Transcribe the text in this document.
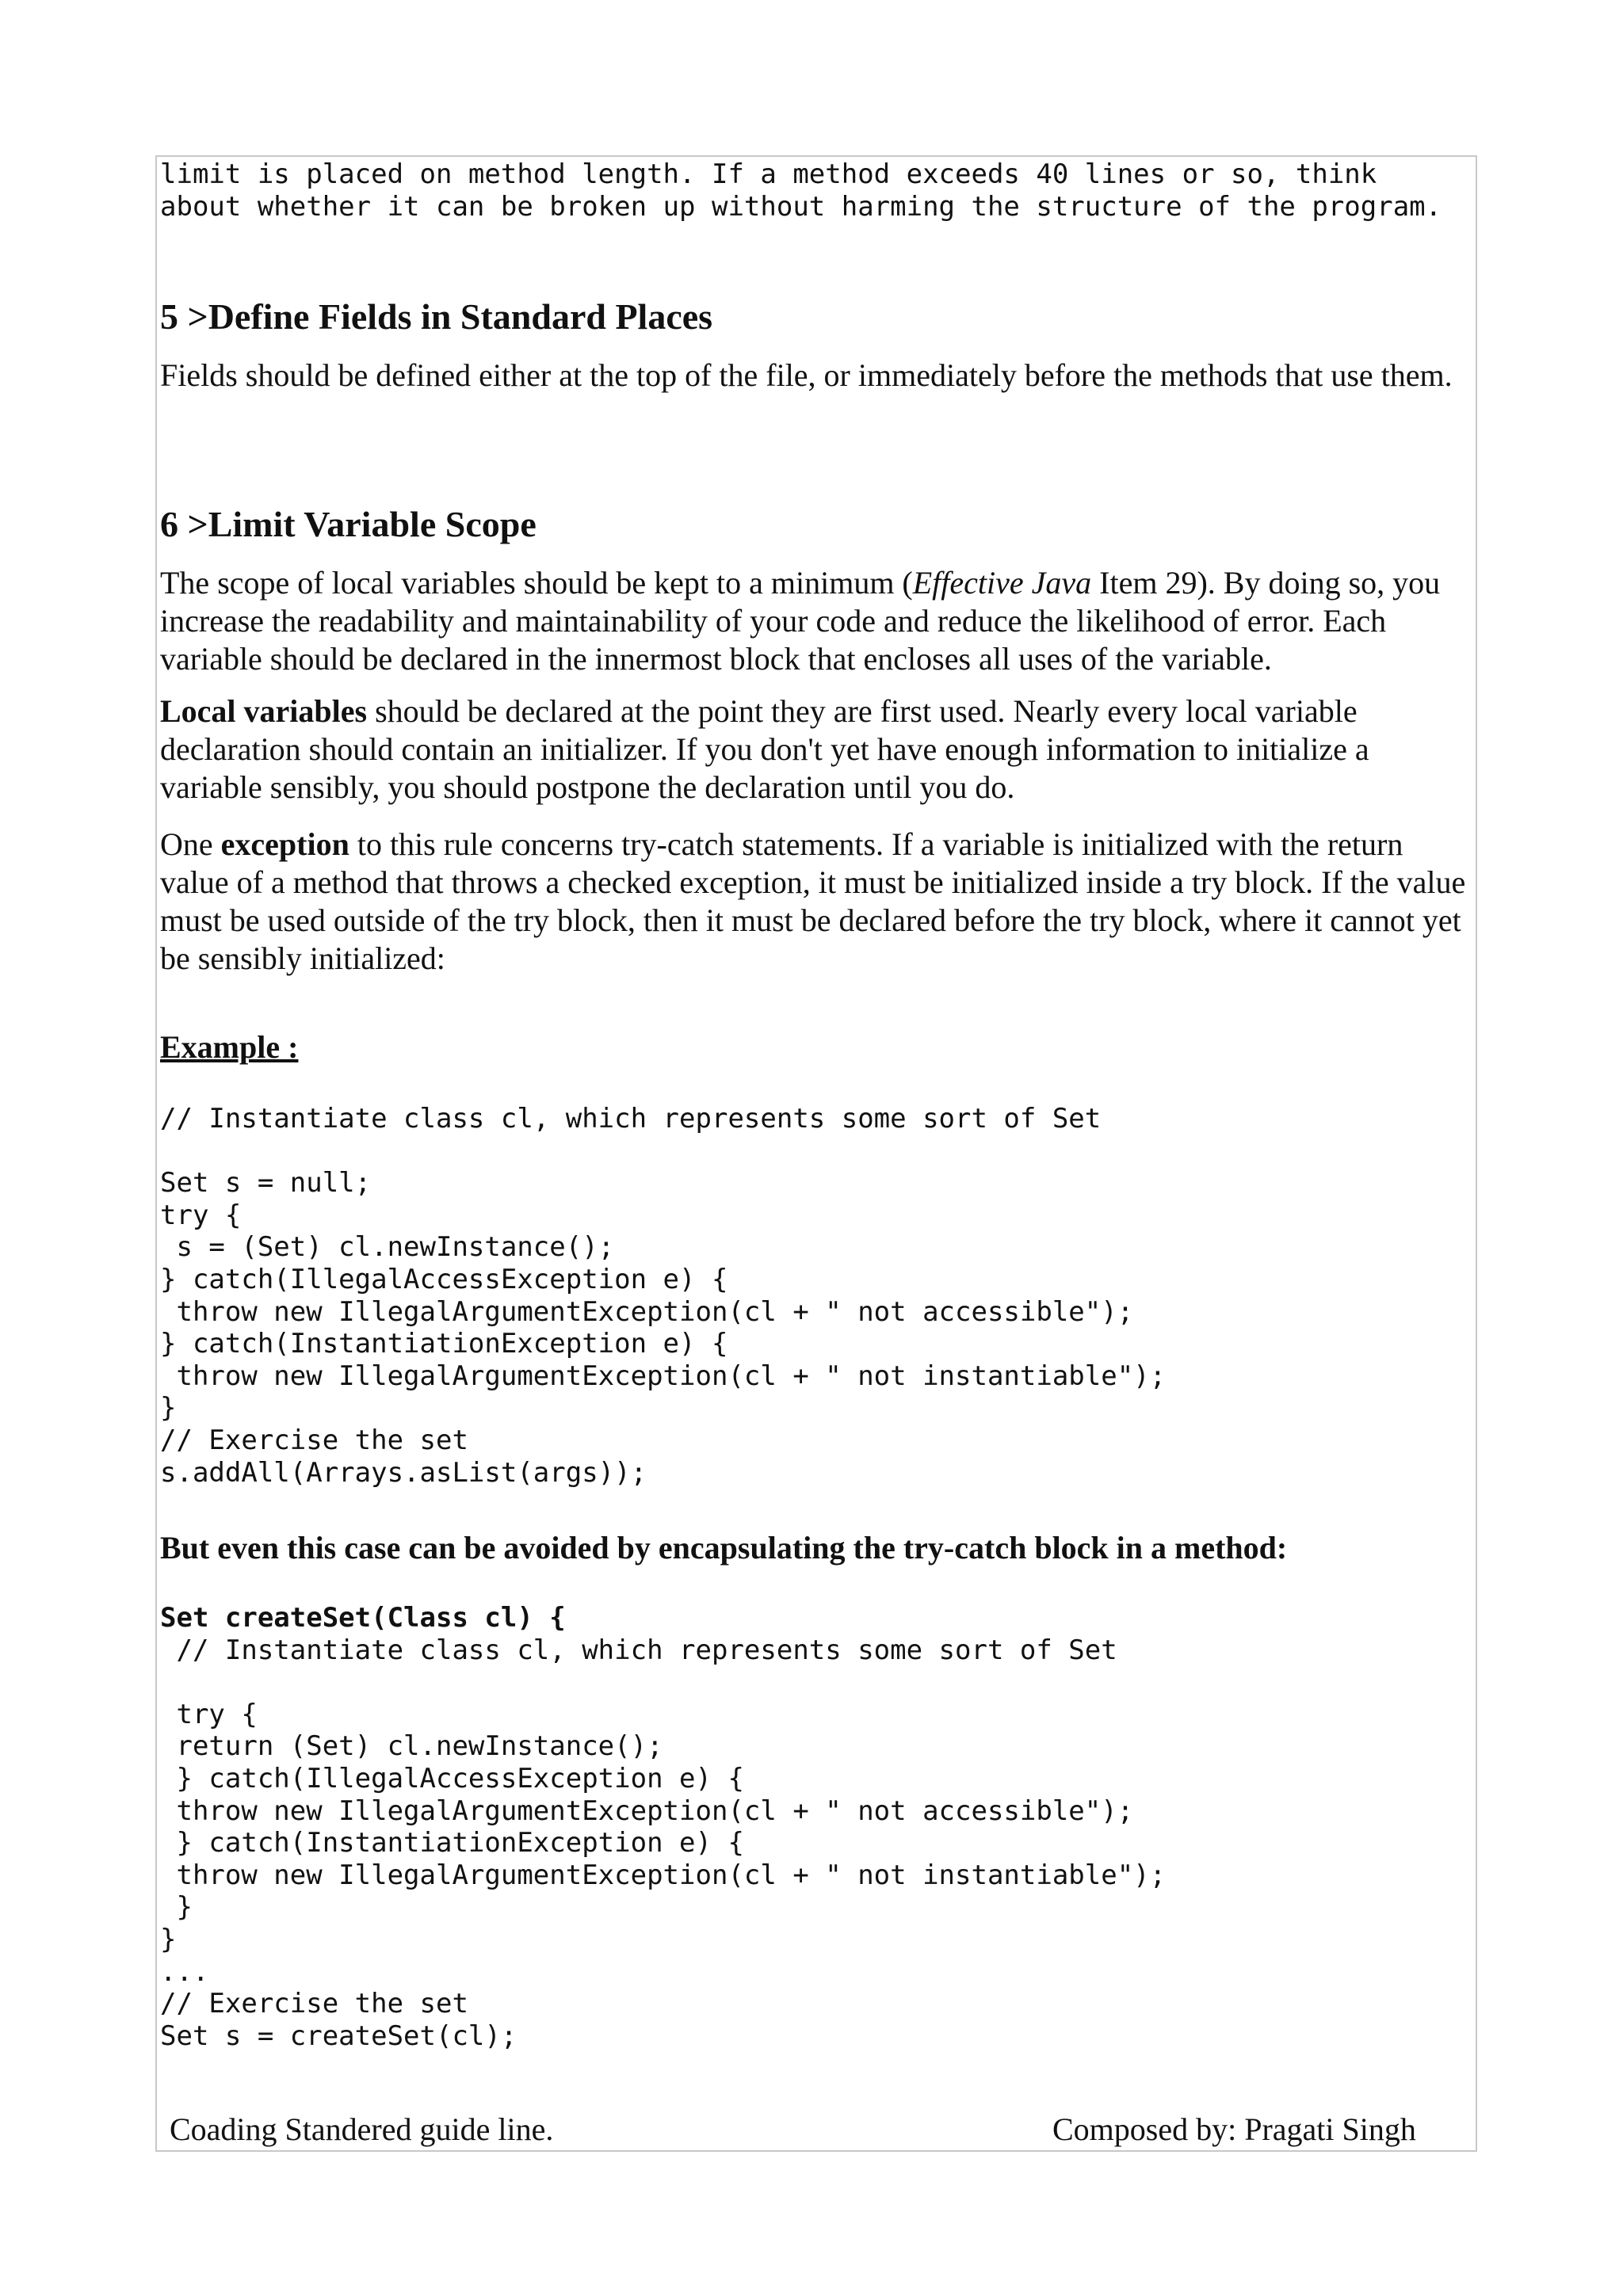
limit is placed on method length. If a method exceeds 40 lines or so, think
about whether it can be broken up without harming the structure of the program.
5 >Define Fields in Standard Places
Fields should be defined either at the top of the file, or immediately before the methods that use them.
6 >Limit Variable Scope
The scope of local variables should be kept to a minimum (Effective Java Item 29). By doing so, you increase the readability and maintainability of your code and reduce the likelihood of error. Each variable should be declared in the innermost block that encloses all uses of the variable.
Local variables should be declared at the point they are first used. Nearly every local variable declaration should contain an initializer. If you don't yet have enough information to initialize a variable sensibly, you should postpone the declaration until you do.
One exception to this rule concerns try-catch statements. If a variable is initialized with the return value of a method that throws a checked exception, it must be initialized inside a try block. If the value must be used outside of the try block, then it must be declared before the try block, where it cannot yet be sensibly initialized:
Example :
// Instantiate class cl, which represents some sort of Set

Set s = null;
try {
s = (Set) cl.newInstance();
} catch(IllegalAccessException e) {
throw new IllegalArgumentException(cl + " not accessible");
} catch(InstantiationException e) {
throw new IllegalArgumentException(cl + " not instantiable");
}
// Exercise the set
s.addAll(Arrays.asList(args));
But even this case can be avoided by encapsulating the try-catch block in a method:
Set createSet(Class cl) {
// Instantiate class cl, which represents some sort of Set

try {
return (Set) cl.newInstance();
} catch(IllegalAccessException e) {
throw new IllegalArgumentException(cl + " not accessible");
} catch(InstantiationException e) {
throw new IllegalArgumentException(cl + " not instantiable");
}
}
...
// Exercise the set
Set s = createSet(cl);
Coading Standered guide line.	Composed by: Pragati Singh
